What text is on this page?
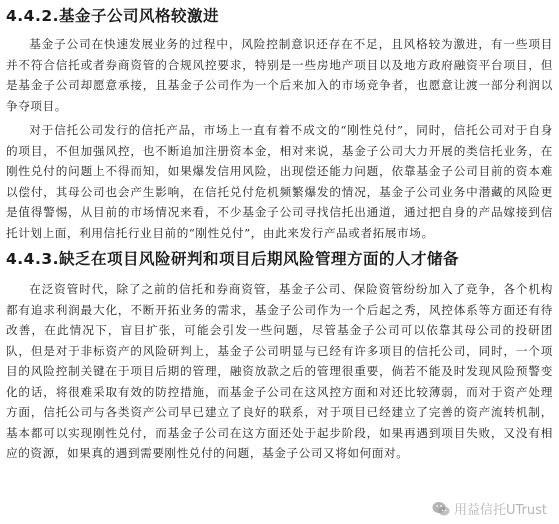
4.4.2.基金子公司风格较激进

基金子公司在快速发展业务的过程中，风险控制意识还存在不足，且风格较为激进，有一些项目并不符合信托或者券商资管的合规风控要求，特别是一些房地产项目以及地方政府融资平台项目，但是基金子公司却愿意承接，且基金子公司作为一个后来加入的市场竞争者，也愿意让渡一部分利润以争夺项目。

对于信托公司发行的信托产品，市场上一直有着不成文的“刚性兑付”，同时，信托公司对于自身的项目，不但加强风控，也不断追加注册资本金，相对来说，基金子公司大力开展的类信托业务，在刚性兑付的问题上不得而知，如果爆发信用风险，出现偿还能力问题，依靠基金子公司目前的资本难以偿付，其母公司也会产生影响，在信托兑付危机频繁爆发的情况，基金子公司业务中潜藏的风险更是值得警惕，从目前的市场情况来看，不少基金子公司寻找信托出通道，通过把自身的产品嫁接到信托计划上面，利用信托行业目前的“刚性兑付”，由此来发行产品或者拓展市场。

4.4.3.缺乏在项目风险研判和项目后期风险管理方面的人才储备

在泛资管时代，除了之前的信托和券商资管，基金子公司、保险资管纷纷加入了竞争，各个机构都有追求利润最大化，不断开拓业务的需求，基金子公司作为一个后起之秀，风控体系等方面还有待改善，在此情况下，盲目扩张，可能会引发一些问题，尽管基金子公司可以依靠其母公司的投研团队，但是对于非标资产的风险研判上，基金子公司明显与已经有许多项目的信托公司，同时，一个项目的风险控制关键在于项目后期的管理，融资放款之后的管理很重要，倘若不能及时发现风险预警变化的话，将很难采取有效的防控措施，而基金子公司在这风控方面和对还比较薄弱，而对于资产处理方面，信托公司与各类资产公司早已建立了良好的联系，对于项目已经建立了完善的资产流转机制，基本都可以实现刚性兑付，而基金子公司在这方面还处于起步阶段，如果再遇到项目失败，又没有相应的资源，如果真的遇到需要刚性兑付的问题，基金子公司又将如何面对。

用益信托UTrust
